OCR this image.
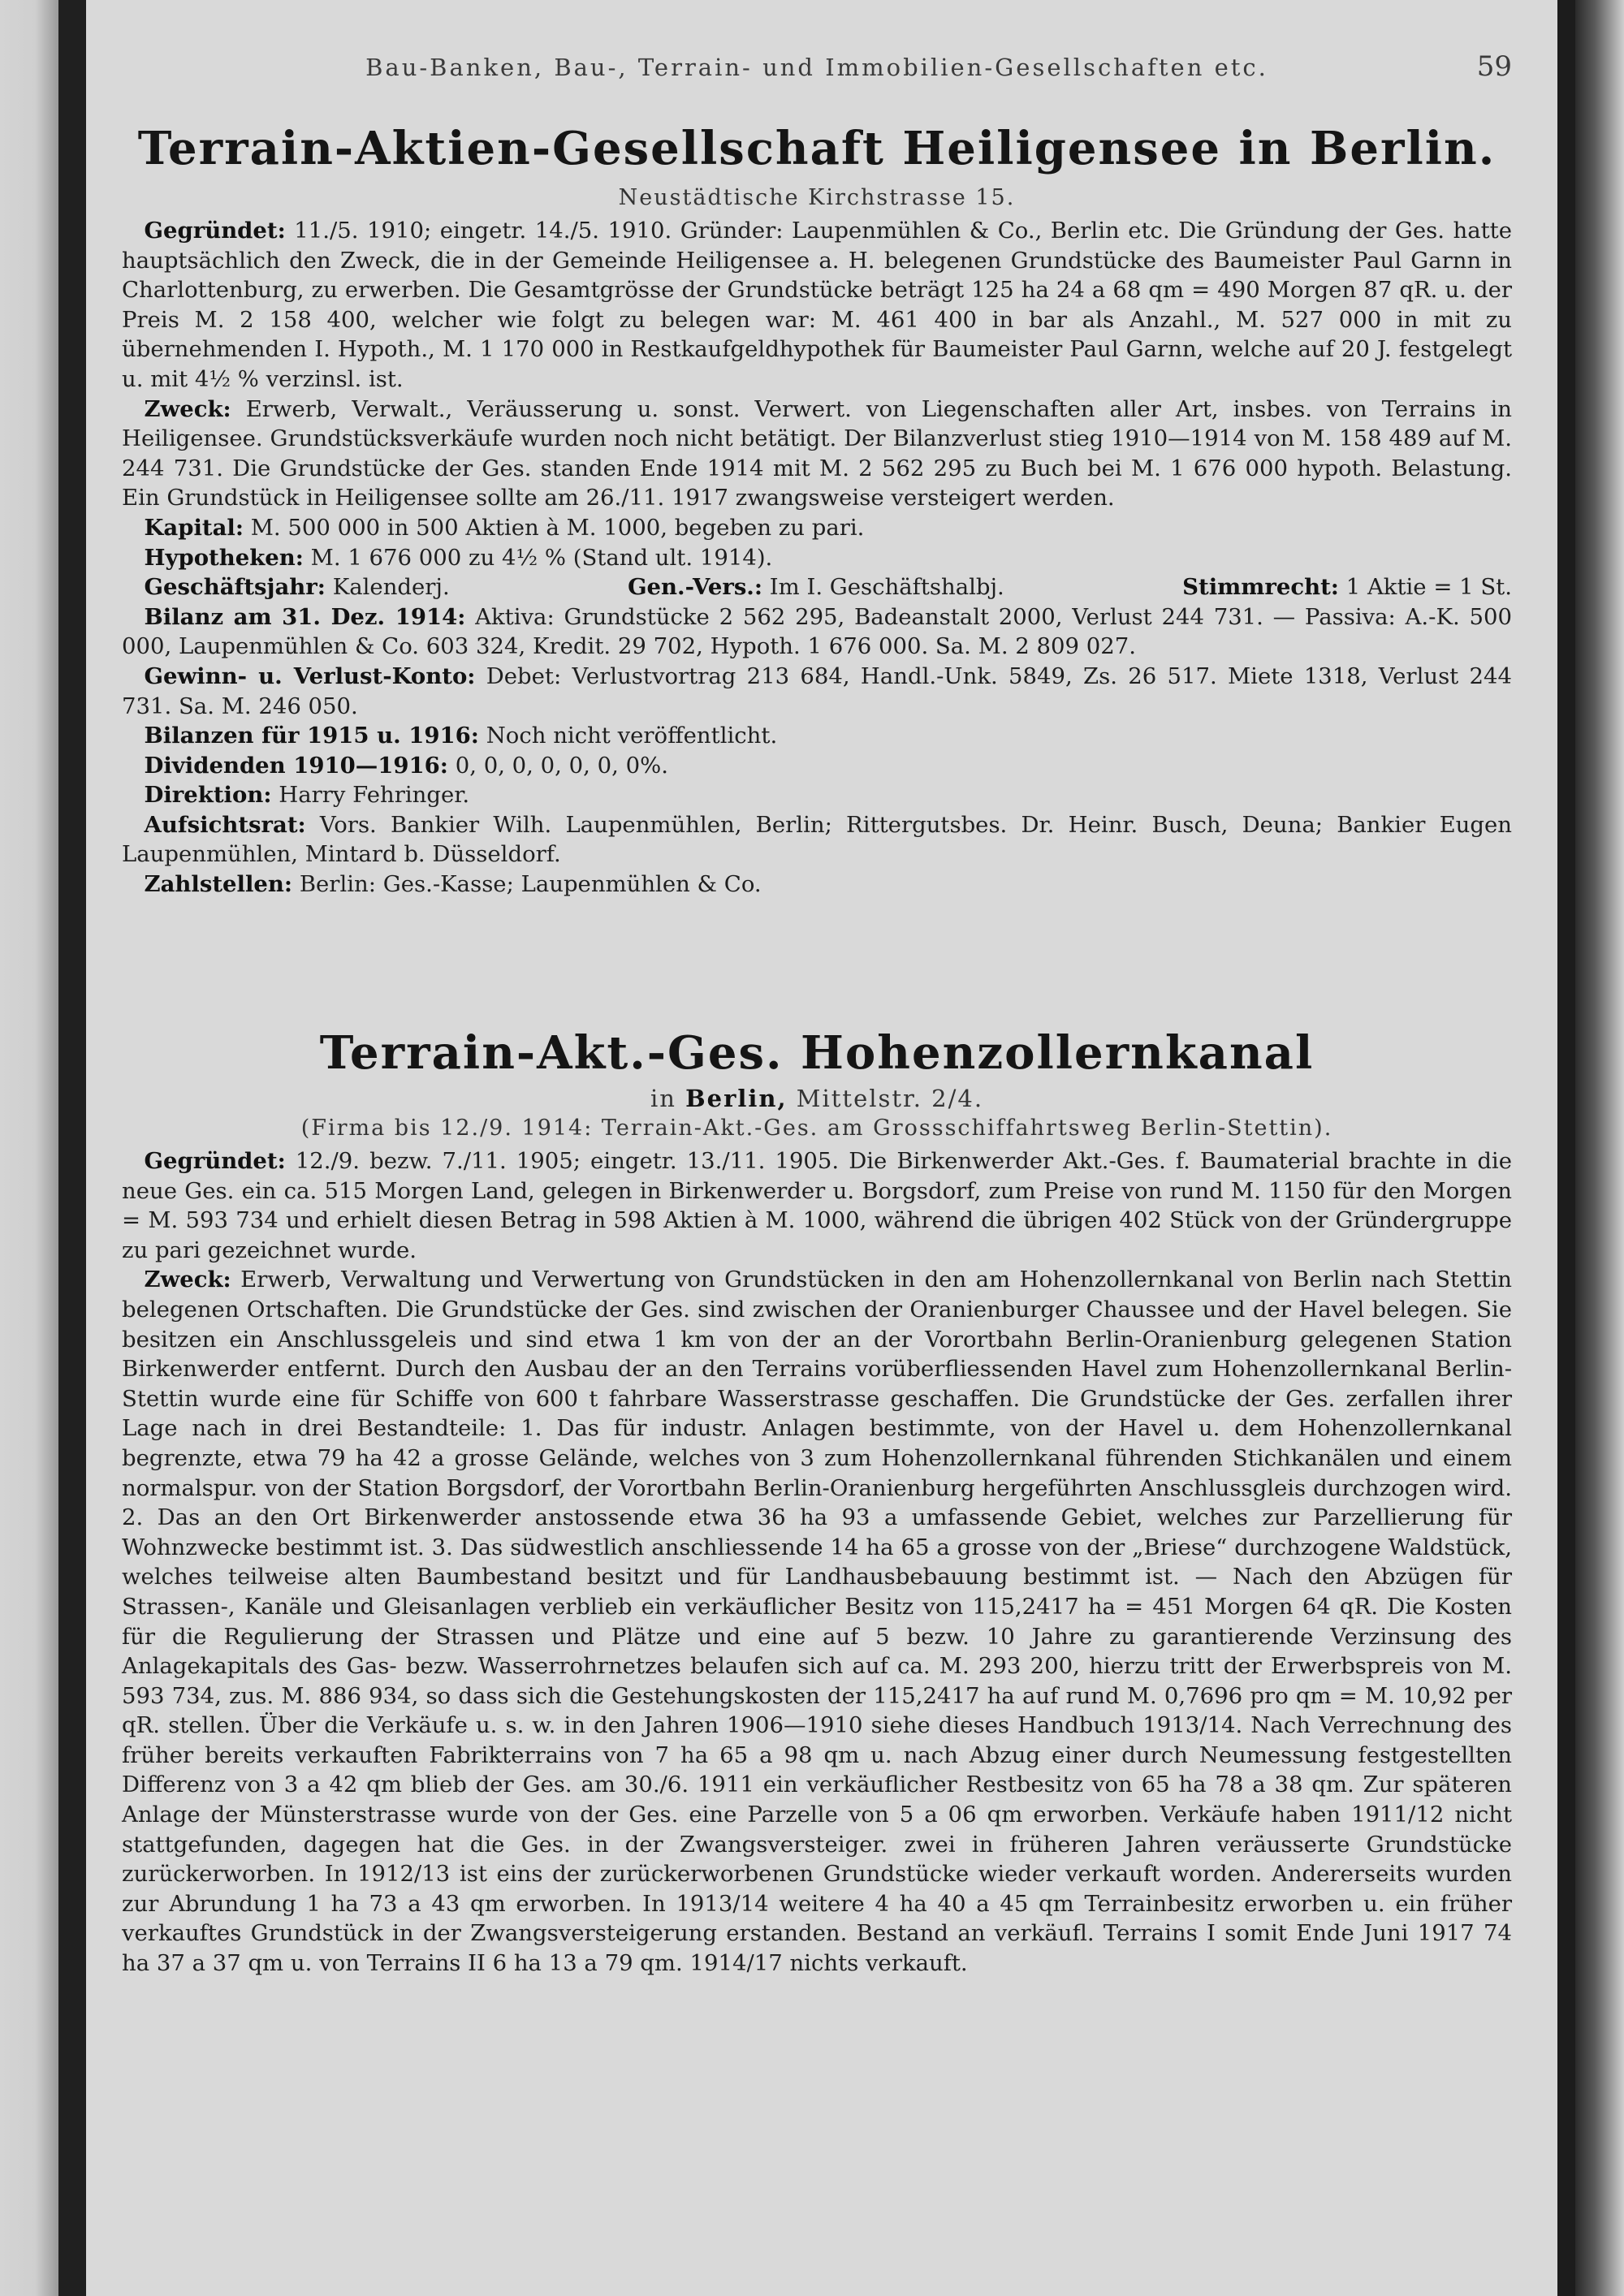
Bau-Banken, Bau-, Terrain- und Immobilien-Gesellschaften etc.	59
Terrain-Aktien-Gesellschaft Heiligensee in Berlin.
Neustädtische Kirchstrasse 15.

 Gegründet: 11./5. 1910; eingetr. 14./5. 1910. Gründer: Laupenmühlen & Co., Berlin etc. Die Gründung der Ges. hatte hauptsächlich den Zweck, die in der Gemeinde Heiligensee a. H. belegenen Grundstücke des Baumeister Paul Garnn in Charlottenburg, zu erwerben. Die Gesamtgrösse der Grundstücke beträgt 125 ha 24 a 68 qm = 490 Morgen 87 qR. u. der Preis M. 2 158 400, welcher wie folgt zu belegen war: M. 461 400 in bar als Anzahl., M. 527 000 in mit zu übernehmenden I. Hypoth., M. 1 170 000 in Restkaufgeldhypothek für Baumeister Paul Garnn, welche auf 20 J. festgelegt u. mit 4½ % verzinsl. ist.

 Zweck: Erwerb, Verwalt., Veräusserung u. sonst. Verwert. von Liegenschaften aller Art, insbes. von Terrains in Heiligensee. Grundstücksverkäufe wurden noch nicht betätigt. Der Bilanzverlust stieg 1910—1914 von M. 158 489 auf M. 244 731. Die Grundstücke der Ges. standen Ende 1914 mit M. 2 562 295 zu Buch bei M. 1 676 000 hypoth. Belastung. Ein Grundstück in Heiligensee sollte am 26./11. 1917 zwangsweise versteigert werden.

 Kapital: M. 500 000 in 500 Aktien à M. 1000, begeben zu pari.

 Hypotheken: M. 1 676 000 zu 4½ % (Stand ult. 1914).

 Geschäftsjahr: Kalenderj.	Gen.-Vers.: Im I. Geschäftshalbj.	Stimmrecht: 1 Aktie = 1 St.

 Bilanz am 31. Dez. 1914: Aktiva: Grundstücke 2 562 295, Badeanstalt 2000, Verlust 244 731. — Passiva: A.-K. 500 000, Laupenmühlen & Co. 603 324, Kredit. 29 702, Hypoth. 1 676 000. Sa. M. 2 809 027.

 Gewinn- u. Verlust-Konto: Debet: Verlustvortrag 213 684, Handl.-Unk. 5849, Zs. 26 517. Miete 1318, Verlust 244 731. Sa. M. 246 050.

 Bilanzen für 1915 u. 1916: Noch nicht veröffentlicht.

 Dividenden 1910—1916: 0, 0, 0, 0, 0, 0, 0%.

 Direktion: Harry Fehringer.

 Aufsichtsrat: Vors. Bankier Wilh. Laupenmühlen, Berlin; Rittergutsbes. Dr. Heinr. Busch, Deuna; Bankier Eugen Laupenmühlen, Mintard b. Düsseldorf.

 Zahlstellen: Berlin: Ges.-Kasse; Laupenmühlen & Co.

Terrain-Akt.-Ges. Hohenzollernkanal
in Berlin, Mittelstr. 2/4.
(Firma bis 12./9. 1914: Terrain-Akt.-Ges. am Grossschiffahrtsweg Berlin-Stettin).

 Gegründet: 12./9. bezw. 7./11. 1905; eingetr. 13./11. 1905. Die Birkenwerder Akt.-Ges. f. Baumaterial brachte in die neue Ges. ein ca. 515 Morgen Land, gelegen in Birkenwerder u. Borgsdorf, zum Preise von rund M. 1150 für den Morgen = M. 593 734 und erhielt diesen Betrag in 598 Aktien à M. 1000, während die übrigen 402 Stück von der Gründergruppe zu pari gezeichnet wurde.

 Zweck: Erwerb, Verwaltung und Verwertung von Grundstücken in den am Hohenzollernkanal von Berlin nach Stettin belegenen Ortschaften. Die Grundstücke der Ges. sind zwischen der Oranienburger Chaussee und der Havel belegen. Sie besitzen ein Anschlussgeleis und sind etwa 1 km von der an der Vorortbahn Berlin-Oranienburg gelegenen Station Birkenwerder entfernt. Durch den Ausbau der an den Terrains vorüberfliessenden Havel zum Hohenzollernkanal Berlin-Stettin wurde eine für Schiffe von 600 t fahrbare Wasserstrasse geschaffen. Die Grundstücke der Ges. zerfallen ihrer Lage nach in drei Bestandteile: 1. Das für industr. Anlagen bestimmte, von der Havel u. dem Hohenzollernkanal begrenzte, etwa 79 ha 42 a grosse Gelände, welches von 3 zum Hohenzollernkanal führenden Stichkanälen und einem normalspur. von der Station Borgsdorf, der Vorortbahn Berlin-Oranienburg hergeführten Anschlussgleis durchzogen wird. 2. Das an den Ort Birkenwerder anstossende etwa 36 ha 93 a umfassende Gebiet, welches zur Parzellierung für Wohnzwecke bestimmt ist. 3. Das südwestlich anschliessende 14 ha 65 a grosse von der „Briese“ durchzogene Waldstück, welches teilweise alten Baumbestand besitzt und für Landhausbebauung bestimmt ist. — Nach den Abzügen für Strassen-, Kanäle und Gleisanlagen verblieb ein verkäuflicher Besitz von 115,2417 ha = 451 Morgen 64 qR. Die Kosten für die Regulierung der Strassen und Plätze und eine auf 5 bezw. 10 Jahre zu garantierende Verzinsung des Anlagekapitals des Gas- bezw. Wasserrohrnetzes belaufen sich auf ca. M. 293 200, hierzu tritt der Erwerbspreis von M. 593 734, zus. M. 886 934, so dass sich die Gestehungskosten der 115,2417 ha auf rund M. 0,7696 pro qm = M. 10,92 per qR. stellen. Über die Verkäufe u. s. w. in den Jahren 1906—1910 siehe dieses Handbuch 1913/14. Nach Verrechnung des früher bereits verkauften Fabrikterrains von 7 ha 65 a 98 qm u. nach Abzug einer durch Neumessung festgestellten Differenz von 3 a 42 qm blieb der Ges. am 30./6. 1911 ein verkäuflicher Restbesitz von 65 ha 78 a 38 qm. Zur späteren Anlage der Münsterstrasse wurde von der Ges. eine Parzelle von 5 a 06 qm erworben. Verkäufe haben 1911/12 nicht stattgefunden, dagegen hat die Ges. in der Zwangsversteiger. zwei in früheren Jahren veräusserte Grundstücke zurückerworben. In 1912/13 ist eins der zurückerworbenen Grundstücke wieder verkauft worden. Andererseits wurden zur Abrundung 1 ha 73 a 43 qm erworben. In 1913/14 weitere 4 ha 40 a 45 qm Terrainbesitz erworben u. ein früher verkauftes Grundstück in der Zwangsversteigerung erstanden. Bestand an verkäufl. Terrains I somit Ende Juni 1917 74 ha 37 a 37 qm u. von Terrains II 6 ha 13 a 79 qm. 1914/17 nichts verkauft.
